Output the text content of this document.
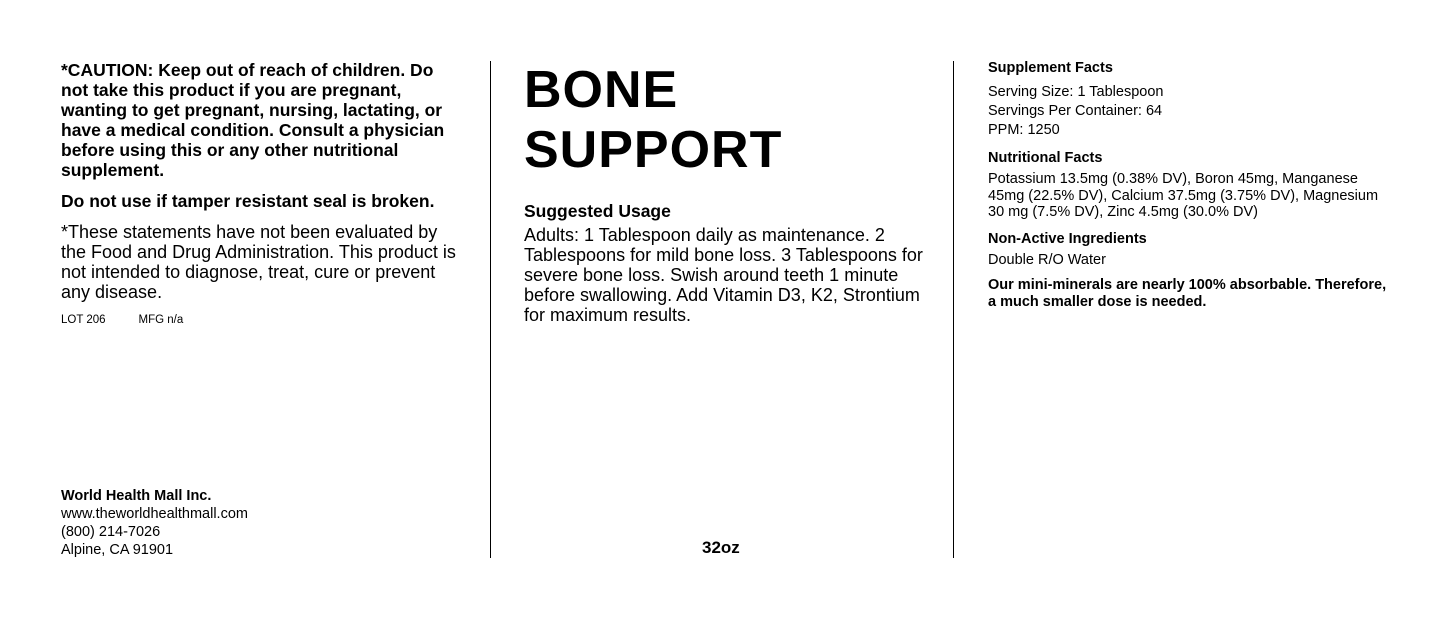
*CAUTION: Keep out of reach of children. Do not take this product if you are pregnant, wanting to get pregnant, nursing, lactating, or have a medical condition. Consult a physician before using this or any other nutritional supplement.

Do not use if tamper resistant seal is broken.
*These statements have not been evaluated by the Food and Drug Administration. This product is not intended to diagnose, treat, cure or prevent any disease.
LOT 206	MFG n/a
World Health Mall Inc.
www.theworldhealthmall.com
(800) 214-7026
Alpine, CA 91901
BONE SUPPORT
Suggested Usage
Adults: 1 Tablespoon daily as maintenance. 2 Tablespoons for mild bone loss. 3 Tablespoons for severe bone loss. Swish around teeth 1 minute before swallowing. Add Vitamin D3, K2, Strontium for maximum results.
32oz
Supplement Facts
Serving Size: 1 Tablespoon
Servings Per Container: 64
PPM: 1250
Nutritional Facts
Potassium 13.5mg (0.38% DV), Boron 45mg, Manganese 45mg (22.5% DV), Calcium 37.5mg (3.75% DV), Magnesium 30 mg (7.5% DV), Zinc 4.5mg (30.0% DV)
Non-Active Ingredients
Double R/O Water
Our mini-minerals are nearly 100% absorbable. Therefore, a much smaller dose is needed.
